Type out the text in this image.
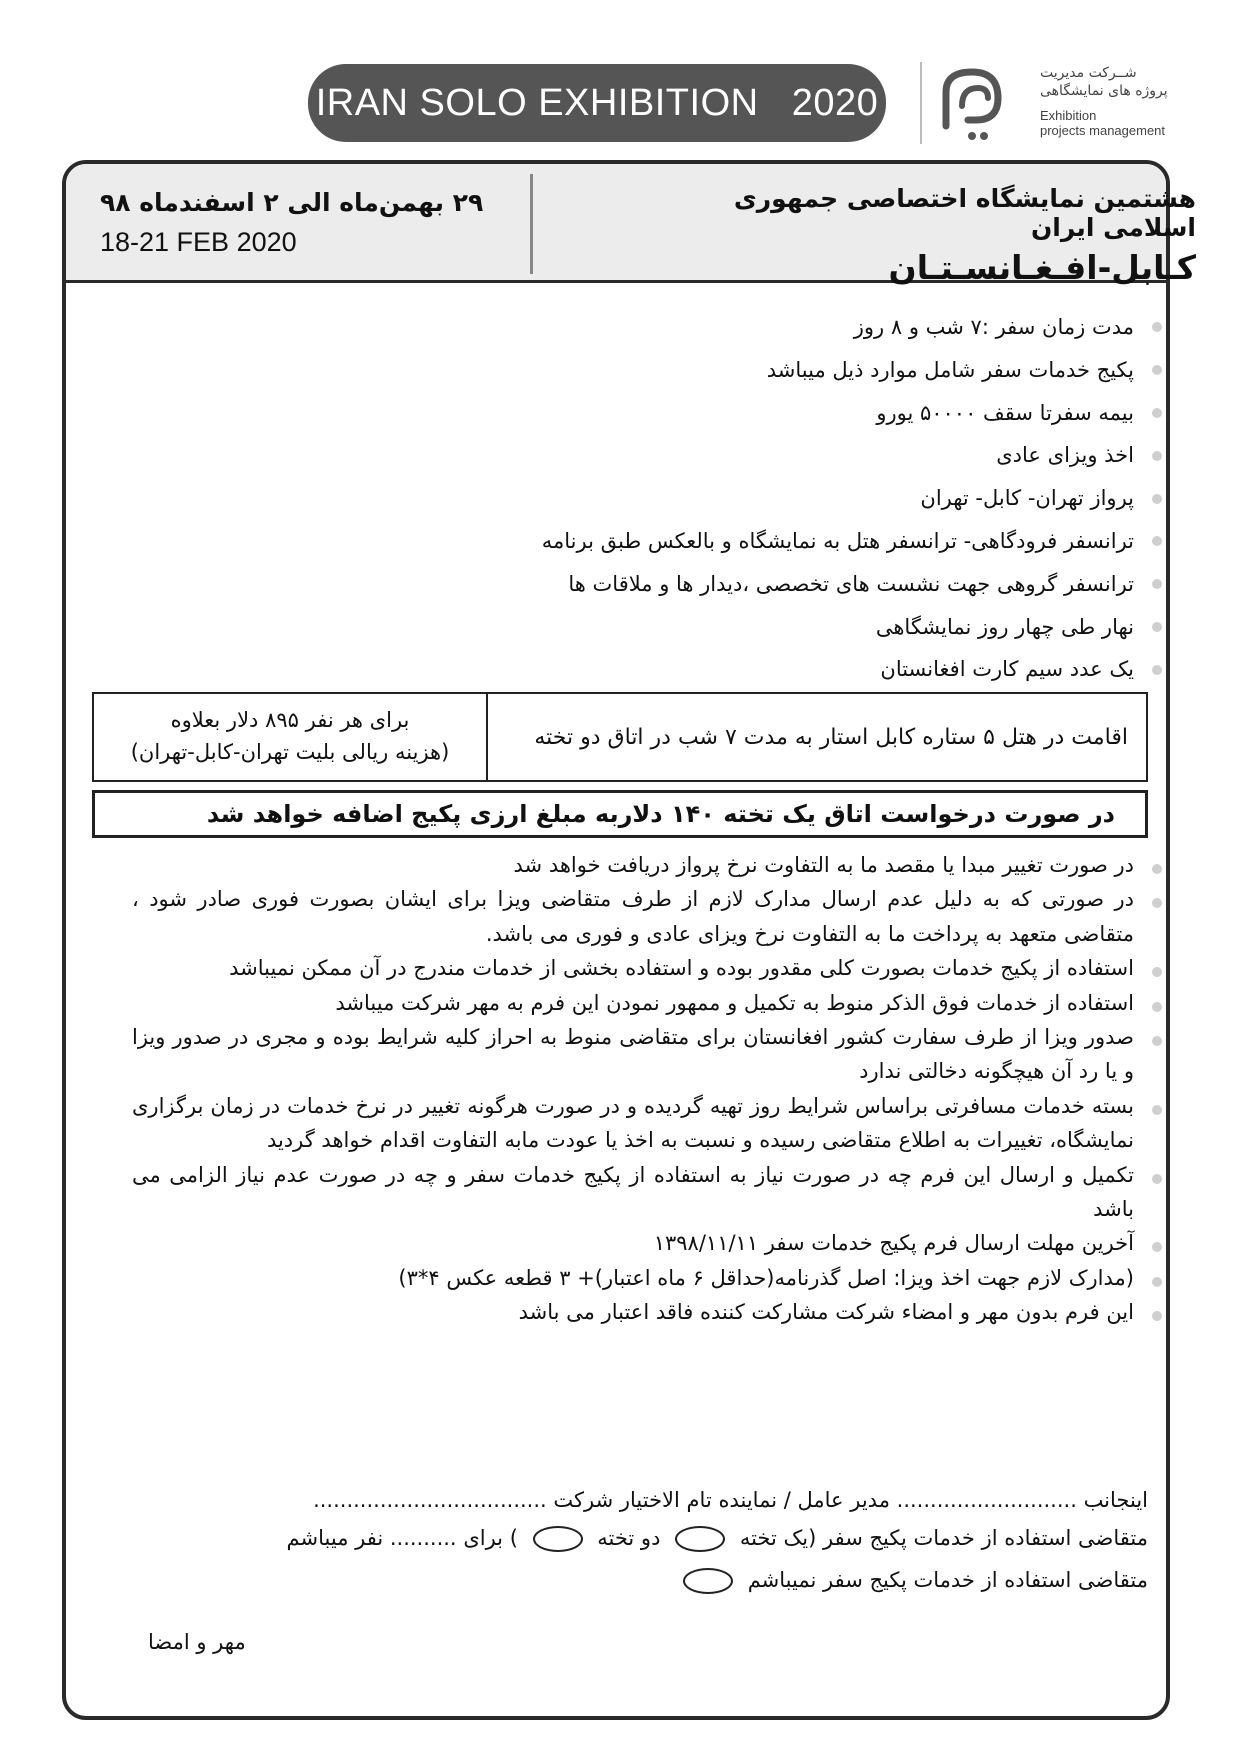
IRAN SOLO EXHIBITION   2020
شــرکت مدیریت
پروژه های نمایشگاهی
Exhibition
projects management
هشتمین نمایشگاه اختصاصی جمهوری اسلامی ایران
کـابل-افـغـانسـتـان
۲۹ بهمن‌ماه الی ۲ اسفندماه ۹۸
18-21 FEB 2020
مدت زمان سفر :۷ شب و ۸ روز
پکیج خدمات سفر شامل موارد ذیل میباشد
بیمه سفرتا سقف ۵۰۰۰۰ یورو
اخذ ویزای عادی
پرواز تهران- کابل- تهران
ترانسفر فرودگاهی- ترانسفر هتل به نمایشگاه و بالعکس طبق برنامه
ترانسفر گروهی جهت نشست های تخصصی ،دیدار ها و ملاقات ها
نهار طی چهار روز نمایشگاهی
یک عدد سیم کارت افغانستان
اقامت در هتل ۵ ستاره کابل استار به مدت ۷ شب در اتاق دو تخته
برای هر نفر ۸۹۵ دلار بعلاوه
(هزینه ریالی بلیت تهران-کابل-تهران)
در صورت درخواست اتاق یک تخته ۱۴۰ دلاربه مبلغ ارزی پکیج اضافه خواهد شد
در صورت تغییر مبدا یا مقصد ما به التفاوت نرخ پرواز دریافت خواهد شد
در صورتی که به دلیل عدم ارسال مدارک لازم از طرف متقاضی ویزا برای ایشان بصورت فوری صادر شود ، متقاضی متعهد به پرداخت ما به التفاوت نرخ ویزای عادی و فوری می باشد.
استفاده از پکیج خدمات بصورت کلی مقدور بوده و استفاده بخشی از خدمات مندرج در آن ممکن نمیباشد
استفاده از خدمات فوق الذکر منوط به تکمیل و ممهور نمودن این فرم به مهر شرکت میباشد
صدور ویزا از طرف سفارت کشور افغانستان برای متقاضی منوط به احراز کلیه شرایط بوده و مجری در صدور ویزا و یا رد آن هیچگونه دخالتی ندارد
بسته خدمات مسافرتی براساس شرایط روز تهیه گردیده و در صورت هرگونه تغییر در نرخ خدمات در زمان برگزاری نمایشگاه، تغییرات به اطلاع متقاضی رسیده و نسبت به اخذ یا عودت مابه التفاوت اقدام خواهد گردید
تکمیل و ارسال این فرم چه در صورت نیاز به استفاده از پکیج خدمات سفر و چه در صورت عدم نیاز الزامی می باشد
آخرین مهلت ارسال فرم پکیج خدمات سفر ۱۳۹۸/۱۱/۱۱
(مدارک لازم جهت اخذ ویزا: اصل گذرنامه(حداقل ۶ ماه اعتبار)+ ۳ قطعه عکس ۴*۳)
این فرم بدون مهر و امضاء شرکت مشارکت کننده فاقد اعتبار می باشد
اینجانب ........................... مدیر عامل / نماینده تام الاختیار شرکت ...................................
متقاضی استفاده از خدمات پکیج سفر (یک تخته  دو تخته  ) برای .......... نفر میباشم
متقاضی استفاده از خدمات پکیج سفر نمیباشم
مهر و امضا
